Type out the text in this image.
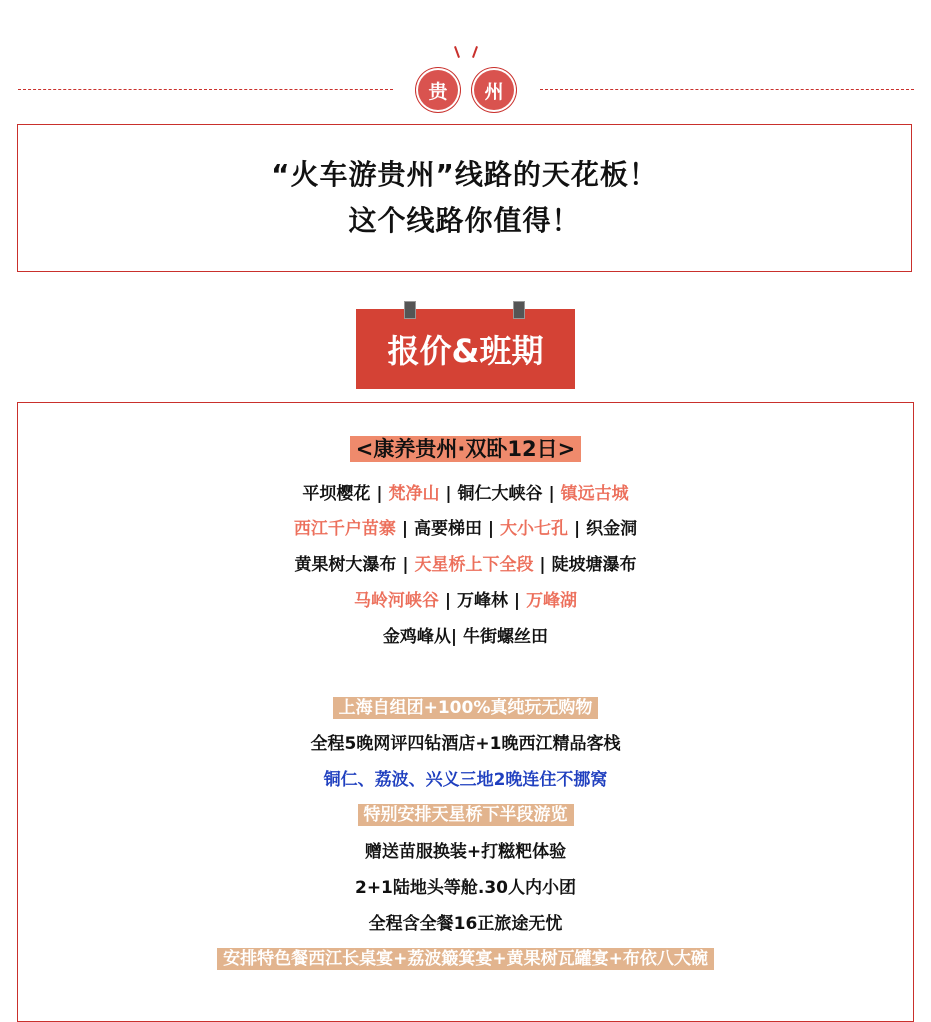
贵	州
“火车游贵州”线路的天花板！
这个线路你值得！
报价&班期
<康养贵州·双卧12日>
平坝樱花 | 梵净山 | 铜仁大峡谷 | 镇远古城
西江千户苗寨 | 高要梯田 | 大小七孔 | 织金洞
黄果树大瀑布 | 天星桥上下全段 | 陡坡塘瀑布
马岭河峡谷 | 万峰林 | 万峰湖
金鸡峰从| 牛街螺丝田
上海自组团+100%真纯玩无购物
全程5晚网评四钻酒店+1晚西江精品客栈
铜仁、荔波、兴义三地2晚连住不挪窝
特别安排天星桥下半段游览
赠送苗服换装+打糍粑体验
2+1陆地头等舱.30人内小团
全程含全餐16正旅途无忧
安排特色餐西江长桌宴+荔波簸箕宴+黄果树瓦罐宴+布依八大碗
